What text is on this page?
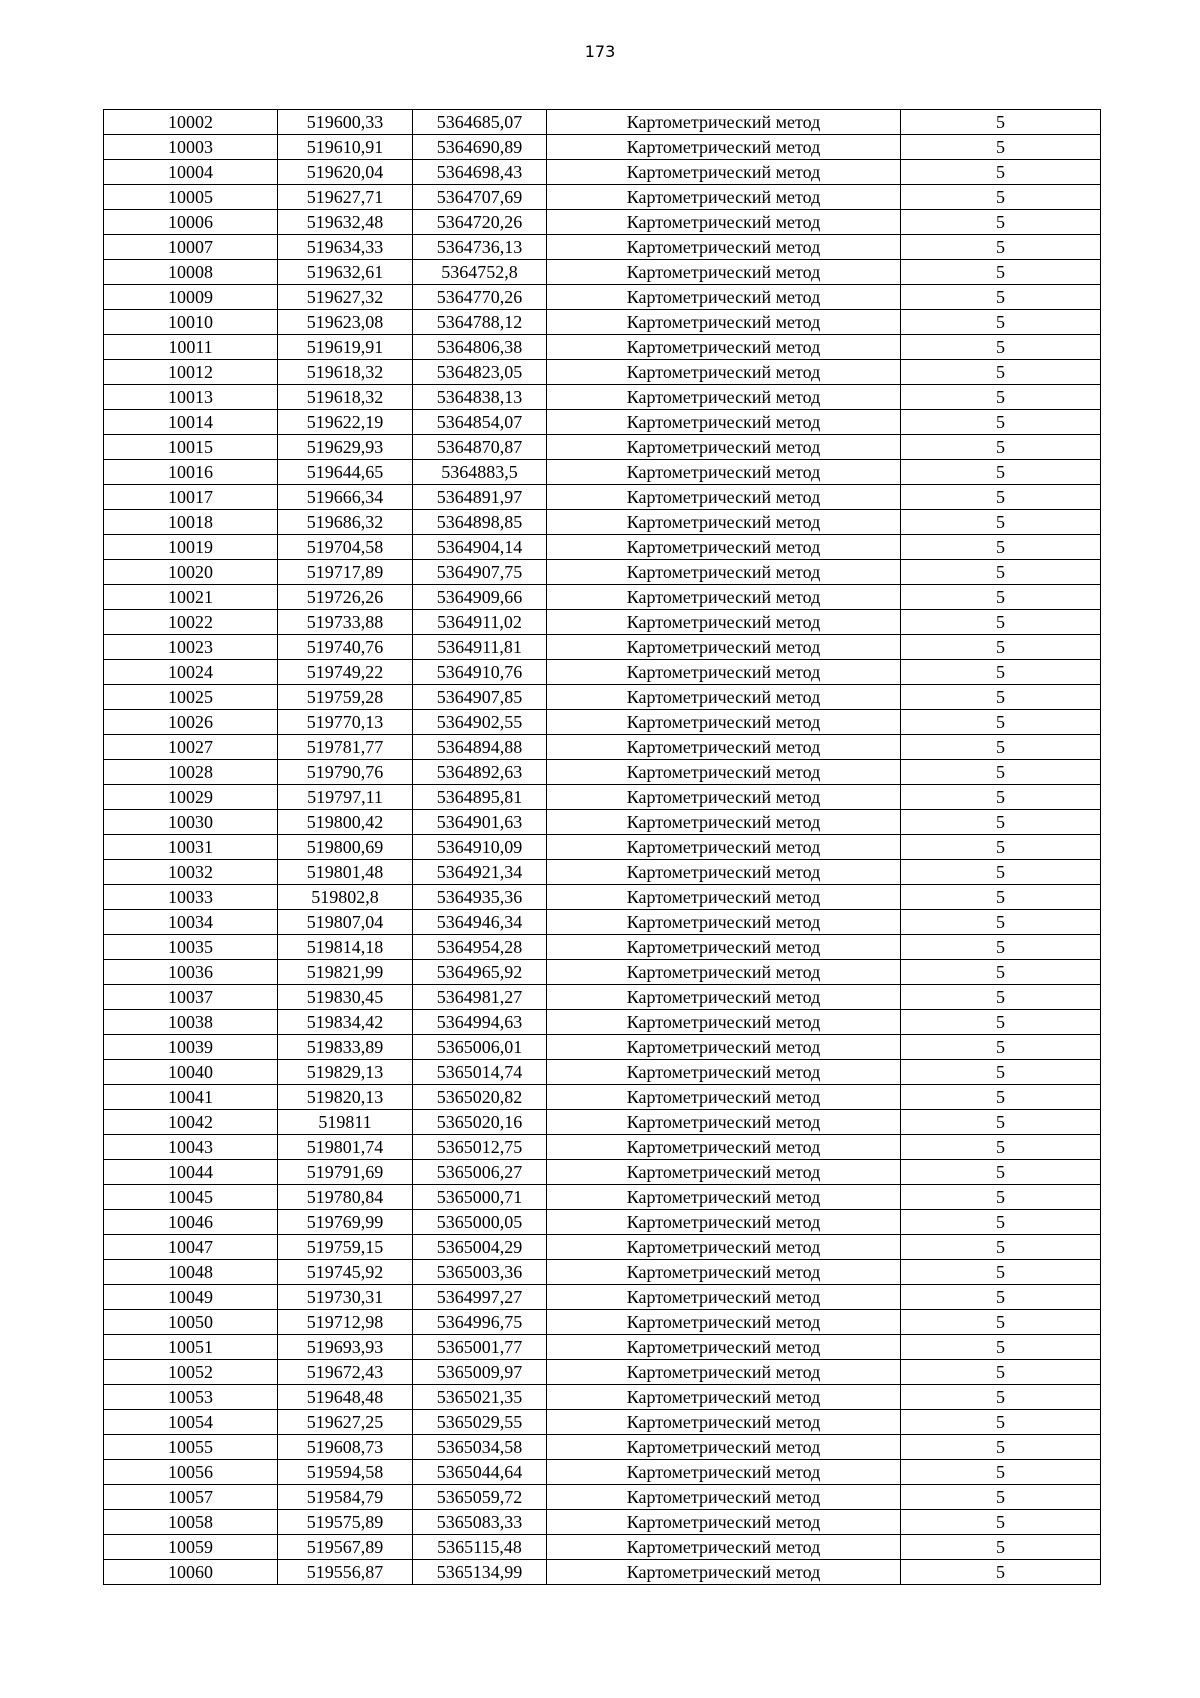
173
10002	519600,33	5364685,07	Картометрический метод	5
10003	519610,91	5364690,89	Картометрический метод	5
10004	519620,04	5364698,43	Картометрический метод	5
10005	519627,71	5364707,69	Картометрический метод	5
10006	519632,48	5364720,26	Картометрический метод	5
10007	519634,33	5364736,13	Картометрический метод	5
10008	519632,61	5364752,8	Картометрический метод	5
10009	519627,32	5364770,26	Картометрический метод	5
10010	519623,08	5364788,12	Картометрический метод	5
10011	519619,91	5364806,38	Картометрический метод	5
10012	519618,32	5364823,05	Картометрический метод	5
10013	519618,32	5364838,13	Картометрический метод	5
10014	519622,19	5364854,07	Картометрический метод	5
10015	519629,93	5364870,87	Картометрический метод	5
10016	519644,65	5364883,5	Картометрический метод	5
10017	519666,34	5364891,97	Картометрический метод	5
10018	519686,32	5364898,85	Картометрический метод	5
10019	519704,58	5364904,14	Картометрический метод	5
10020	519717,89	5364907,75	Картометрический метод	5
10021	519726,26	5364909,66	Картометрический метод	5
10022	519733,88	5364911,02	Картометрический метод	5
10023	519740,76	5364911,81	Картометрический метод	5
10024	519749,22	5364910,76	Картометрический метод	5
10025	519759,28	5364907,85	Картометрический метод	5
10026	519770,13	5364902,55	Картометрический метод	5
10027	519781,77	5364894,88	Картометрический метод	5
10028	519790,76	5364892,63	Картометрический метод	5
10029	519797,11	5364895,81	Картометрический метод	5
10030	519800,42	5364901,63	Картометрический метод	5
10031	519800,69	5364910,09	Картометрический метод	5
10032	519801,48	5364921,34	Картометрический метод	5
10033	519802,8	5364935,36	Картометрический метод	5
10034	519807,04	5364946,34	Картометрический метод	5
10035	519814,18	5364954,28	Картометрический метод	5
10036	519821,99	5364965,92	Картометрический метод	5
10037	519830,45	5364981,27	Картометрический метод	5
10038	519834,42	5364994,63	Картометрический метод	5
10039	519833,89	5365006,01	Картометрический метод	5
10040	519829,13	5365014,74	Картометрический метод	5
10041	519820,13	5365020,82	Картометрический метод	5
10042	519811	5365020,16	Картометрический метод	5
10043	519801,74	5365012,75	Картометрический метод	5
10044	519791,69	5365006,27	Картометрический метод	5
10045	519780,84	5365000,71	Картометрический метод	5
10046	519769,99	5365000,05	Картометрический метод	5
10047	519759,15	5365004,29	Картометрический метод	5
10048	519745,92	5365003,36	Картометрический метод	5
10049	519730,31	5364997,27	Картометрический метод	5
10050	519712,98	5364996,75	Картометрический метод	5
10051	519693,93	5365001,77	Картометрический метод	5
10052	519672,43	5365009,97	Картометрический метод	5
10053	519648,48	5365021,35	Картометрический метод	5
10054	519627,25	5365029,55	Картометрический метод	5
10055	519608,73	5365034,58	Картометрический метод	5
10056	519594,58	5365044,64	Картометрический метод	5
10057	519584,79	5365059,72	Картометрический метод	5
10058	519575,89	5365083,33	Картометрический метод	5
10059	519567,89	5365115,48	Картометрический метод	5
10060	519556,87	5365134,99	Картометрический метод	5
